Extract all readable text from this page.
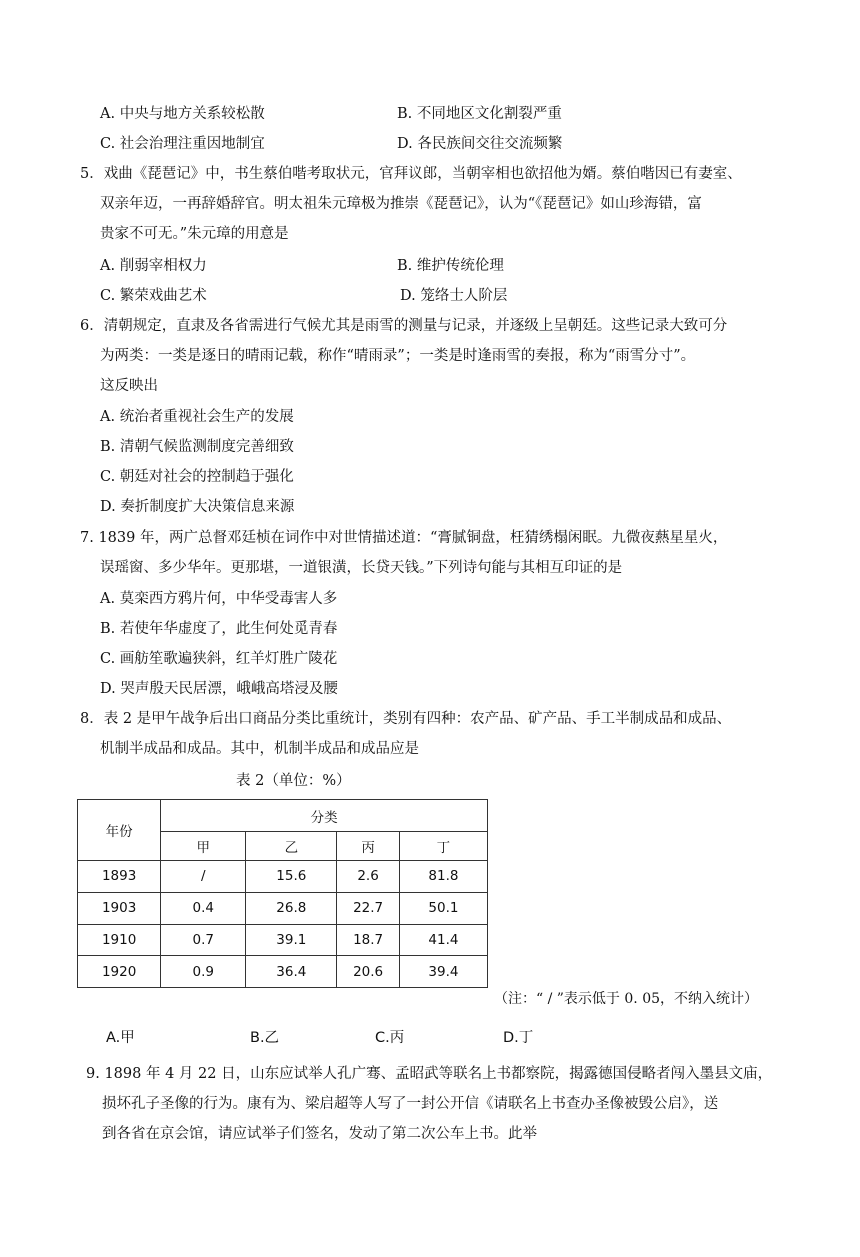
A. 中央与地方关系较松散	B. 不同地区文化割裂严重
C. 社会治理注重因地制宜	D. 各民族间交往交流频繁
5．戏曲《琵琶记》中，书生蔡伯喈考取状元，官拜议郎，当朝宰相也欲招他为婿。蔡伯喈因已有妻室、
双亲年迈，一再辞婚辞官。明太祖朱元璋极为推崇《琵琶记》，认为“《琵琶记》如山珍海错，富
贵家不可无。”朱元璋的用意是
A. 削弱宰相权力	B. 维护传统伦理
C. 繁荣戏曲艺术	D. 笼络士人阶层
6．清朝规定，直隶及各省需进行气候尤其是雨雪的测量与记录，并逐级上呈朝廷。这些记录大致可分
为两类：一类是逐日的晴雨记载，称作“晴雨录”；一类是时逢雨雪的奏报，称为“雨雪分寸”。
这反映出
A. 统治者重视社会生产的发展
B. 清朝气候监测制度完善细致
C. 朝廷对社会的控制趋于强化
D. 奏折制度扩大决策信息来源
7. 1839 年，两广总督邓廷桢在词作中对世情描述道：“膏腻铜盘，枉猜绣榻闲眠。九微夜爇星星火，
误瑶窗、多少华年。更那堪，一道银潢，长贷天钱。”下列诗句能与其相互印证的是
A. 莫栾西方鸦片何，中华受毒害人多
B. 若使年华虚度了，此生何处觅青春
C. 画舫笙歌遍狭斜，红羊灯胜广陵花
D. 哭声殷天民居漂，峨峨高塔浸及腰
8．表 2 是甲午战争后出口商品分类比重统计，类别有四种：农产品、矿产品、手工半制成品和成品、
机制半成品和成品。其中，机制半成品和成品应是
表 2（单位：%）
年份	分类			
	甲	乙	丙	丁
1893	/	15.6	2.6	81.8
1903	0.4	26.8	22.7	50.1
1910	0.7	39.1	18.7	41.4
1920	0.9	36.4	20.6	39.4
（注：“ / ”表示低于 0. 05，不纳入统计）
A.甲	B.乙	C.丙	D.丁
9. 1898 年 4 月 22 日，山东应试举人孔广骞、孟昭武等联名上书都察院，揭露德国侵略者闯入墨县文庙，
损坏孔子圣像的行为。康有为、梁启超等人写了一封公开信《请联名上书查办圣像被毁公启》，送
到各省在京会馆，请应试举子们签名，发动了第二次公车上书。此举
